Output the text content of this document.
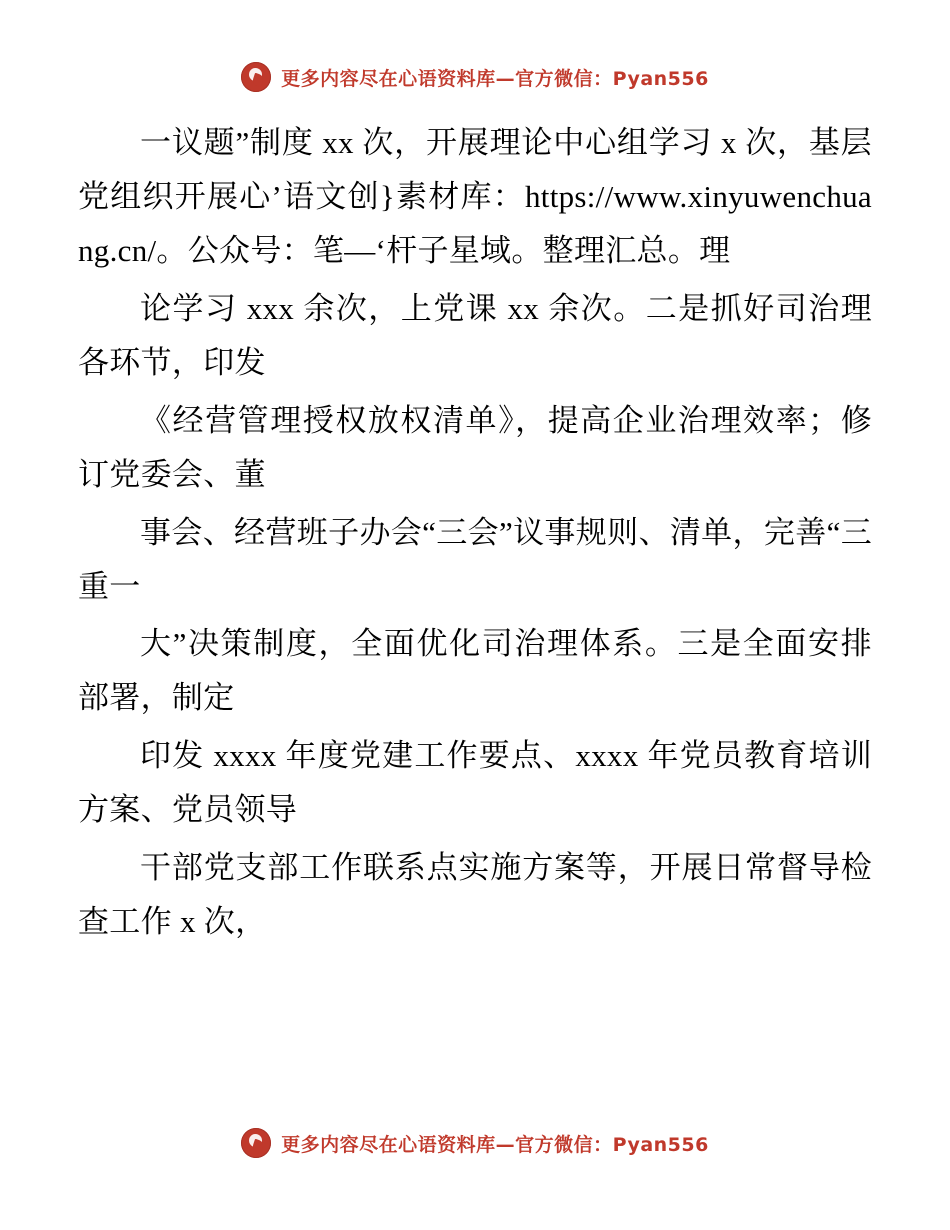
更多内容尽在心语资料库—官方微信：Pyan556

一议题”制度 xx 次，开展理论中心组学习 x 次，基层党组织开展心’语文创}素材库：https://www.xinyuwenchuang.cn/。公众号：笔—‘杆子星域。整理汇总。理

论学习 xxx 余次，上党课 xx 余次。二是抓好司治理各环节，印发

《经营管理授权放权清单》，提高企业治理效率；修订党委会、董

事会、经营班子办会“三会”议事规则、清单，完善“三重一

大”决策制度，全面优化司治理体系。三是全面安排部署，制定

印发 xxxx 年度党建工作要点、xxxx 年党员教育培训方案、党员领导

干部党支部工作联系点实施方案等，开展日常督导检查工作 x 次，

更多内容尽在心语资料库—官方微信：Pyan556
